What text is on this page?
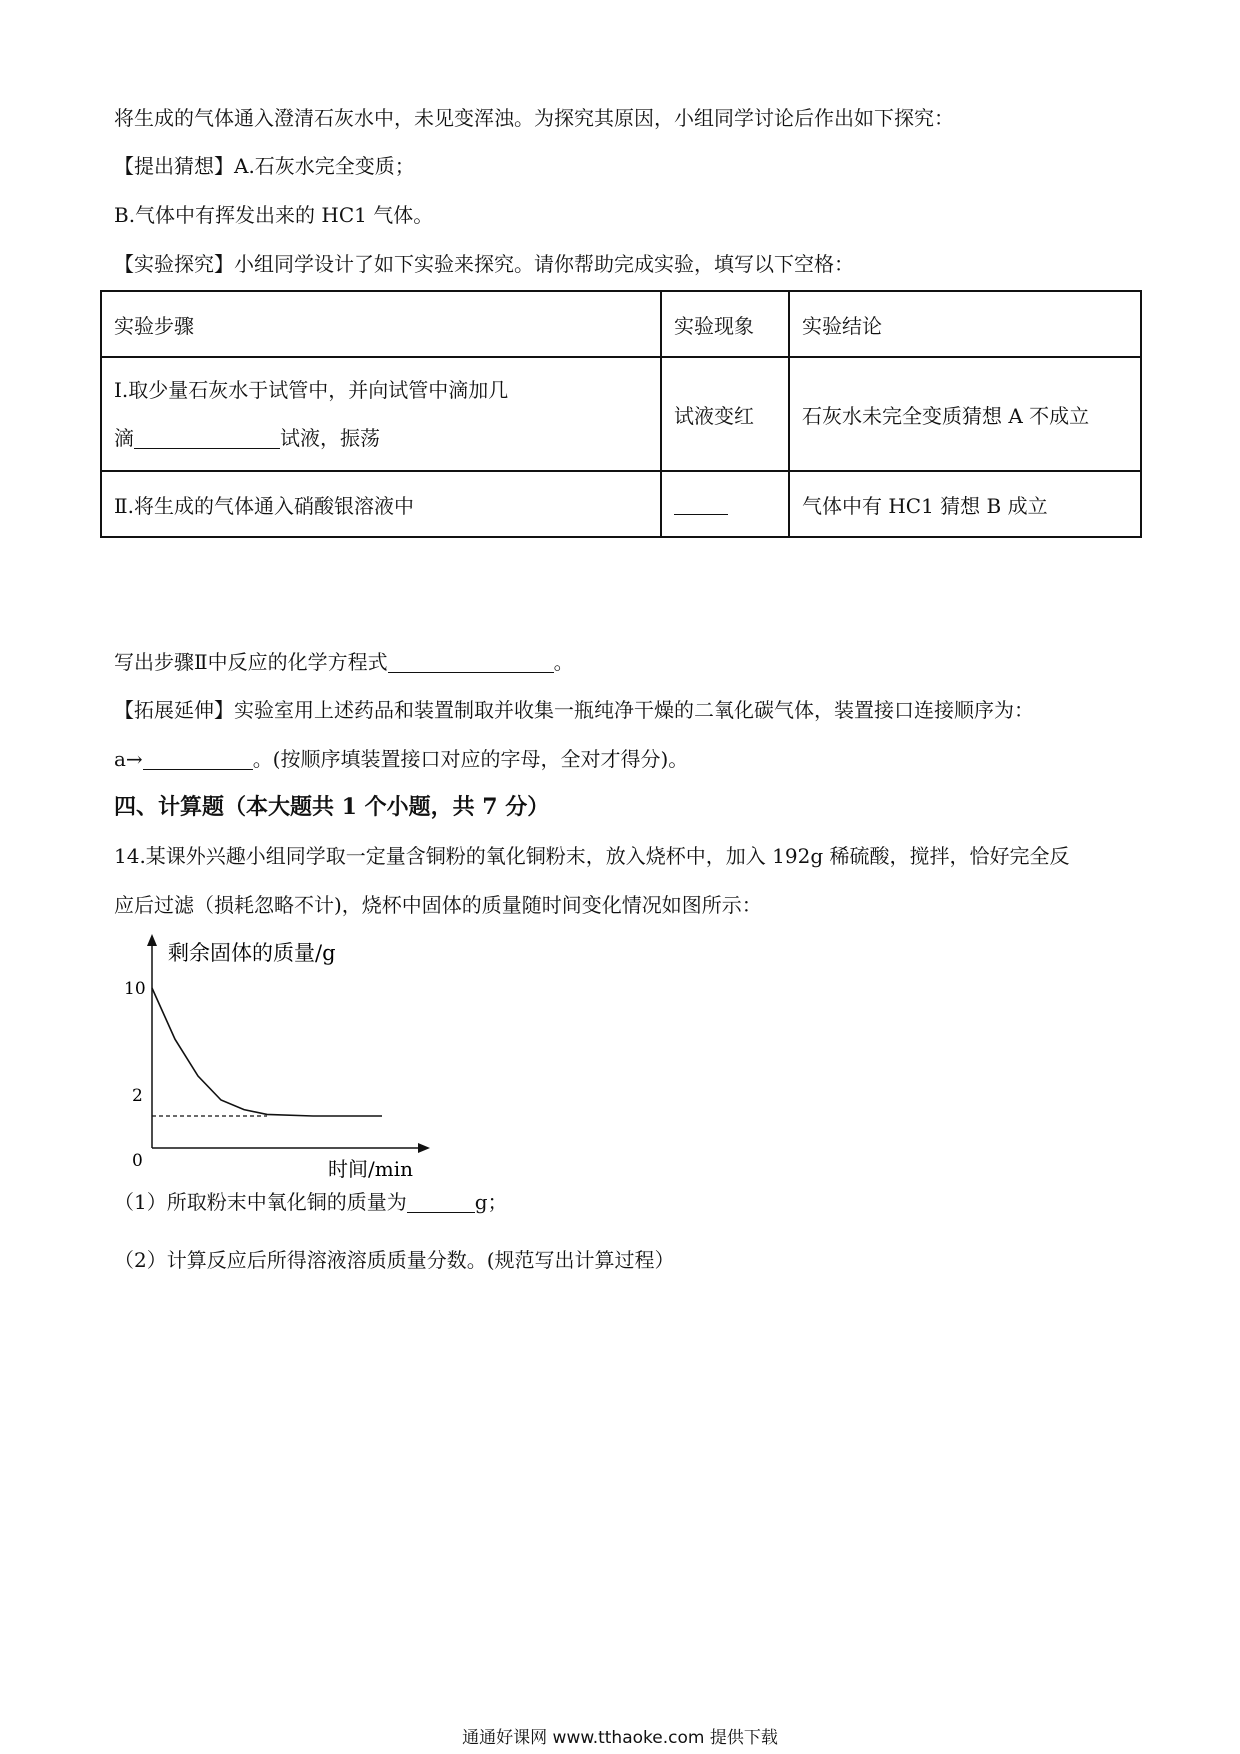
将生成的气体通入澄清石灰水中，未见变浑浊。为探究其原因，小组同学讨论后作出如下探究：
【提出猜想】A.石灰水完全变质；
B.气体中有挥发出来的 HC1 气体。
【实验探究】小组同学设计了如下实验来探究。请你帮助完成实验，填写以下空格：
实验步骤	实验现象	实验结论

Ⅰ.取少量石灰水于试管中，并向试管中滴加几
滴 试液，振荡	试液变红	石灰水未完全变质猜想 A 不成立
Ⅱ.将生成的气体通入硝酸银溶液中		气体中有 HC1 猜想 B 成立
写出步骤Ⅱ中反应的化学方程式	。
【拓展延伸】实验室用上述药品和装置制取并收集一瓶纯净干燥的二氧化碳气体，装置接口连接顺序为：
a→	。(按顺序填装置接口对应的字母，全对才得分)。
四、计算题（本大题共 1 个小题，共 7 分）
14.某课外兴趣小组同学取一定量含铜粉的氧化铜粉末，放入烧杯中，加入 192g 稀硫酸，搅拌，恰好完全反
应后过滤（损耗忽略不计)，烧杯中固体的质量随时间变化情况如图所示：
剩余固体的质量/g
时间/min
10
2
0
（1）所取粉末中氧化铜的质量为	g；
（2）计算反应后所得溶液溶质质量分数。(规范写出计算过程）
通通好课网 www.tthaoke.com 提供下载
